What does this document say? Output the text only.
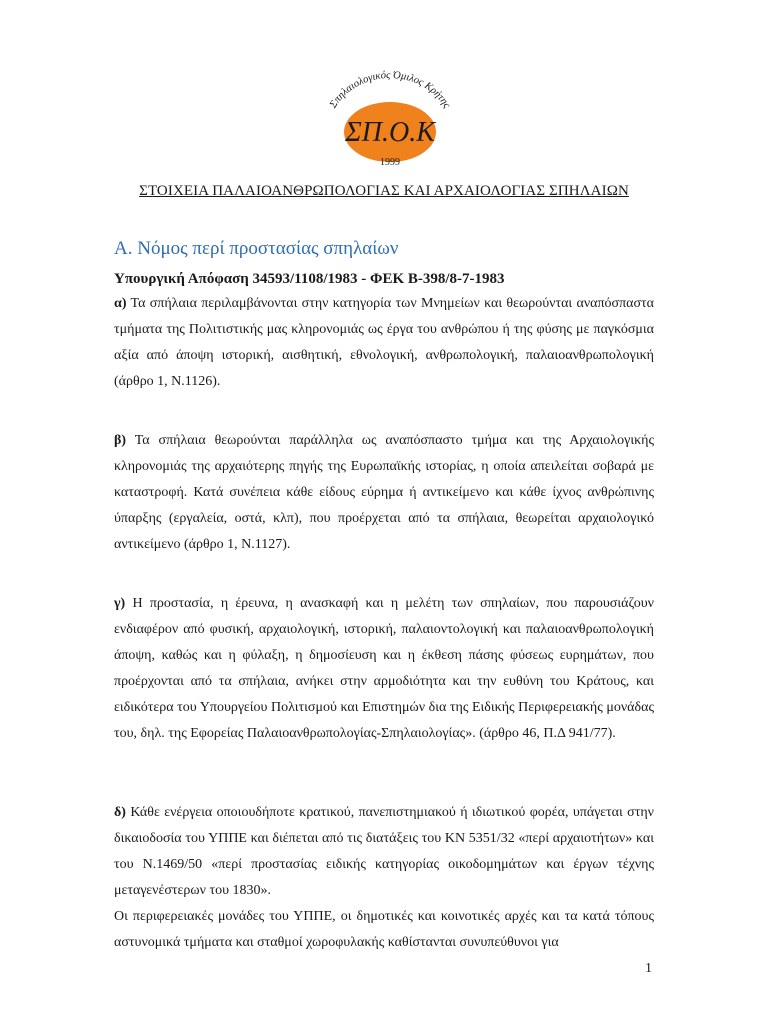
Σπηλαιολογικός Όμιλος Κρήτης
ΣΠ.Ο.Κ
1999
ΣΤΟΙΧΕΙΑ ΠΑΛΑΙΟΑΝΘΡΩΠΟΛΟΓΙΑΣ ΚΑΙ ΑΡΧΑΙΟΛΟΓΙΑΣ ΣΠΗΛΑΙΩΝ
Α. Νόμος περί προστασίας σπηλαίων

Υπουργική Απόφαση 34593/1108/1983 - ΦΕΚ Β-398/8-7-1983

α) Τα σπήλαια περιλαμβάνονται στην κατηγορία των Μνημείων και θεωρούνται αναπόσπαστα τμήματα της Πολιτιστικής μας κληρονομιάς ως έργα του ανθρώπου ή της φύσης με παγκόσμια αξία από άποψη ιστορική, αισθητική, εθνολογική, ανθρωπολογική, παλαιοανθρωπολογική (άρθρο 1, Ν.1126).

β) Τα σπήλαια θεωρούνται παράλληλα ως αναπόσπαστο τμήμα και της Αρχαιολογικής κληρονομιάς της αρχαιότερης πηγής της Ευρωπαϊκής ιστορίας, η οποία απειλείται σοβαρά με καταστροφή. Κατά συνέπεια κάθε είδους εύρημα ή αντικείμενο και κάθε ίχνος ανθρώπινης ύπαρξης (εργαλεία, οστά, κλπ), που προέρχεται από τα σπήλαια, θεωρείται αρχαιολογικό αντικείμενο (άρθρο 1, Ν.1127).

γ) Η προστασία, η έρευνα, η ανασκαφή και η μελέτη των σπηλαίων, που παρουσιάζουν ενδιαφέρον από φυσική, αρχαιολογική, ιστορική, παλαιοντολογική και παλαιοανθρωπολογική άποψη, καθώς και η φύλαξη, η δημοσίευση και η έκθεση πάσης φύσεως ευρημάτων, που προέρχονται από τα σπήλαια, ανήκει στην αρμοδιότητα και την ευθύνη του Κράτους, και ειδικότερα του Υπουργείου Πολιτισμού και Επιστημών δια της Ειδικής Περιφερειακής μονάδας του, δηλ. της Εφορείας Παλαιοανθρωπολογίας-Σπηλαιολογίας». (άρθρο 46, Π.Δ 941/77).

δ) Κάθε ενέργεια οποιουδήποτε κρατικού, πανεπιστημιακού ή ιδιωτικού φορέα, υπάγεται στην δικαιοδοσία του ΥΠΠΕ και διέπεται από τις διατάξεις του ΚΝ 5351/32 «περί αρχαιοτήτων» και του Ν.1469/50 «περί προστασίας ειδικής κατηγορίας οικοδομημάτων και έργων τέχνης μεταγενέστερων του 1830».
Οι περιφερειακές μονάδες του ΥΠΠΕ, οι δημοτικές και κοινοτικές αρχές και τα κατά τόπους αστυνομικά τμήματα και σταθμοί χωροφυλακής καθίστανται συνυπεύθυνοι για

1
